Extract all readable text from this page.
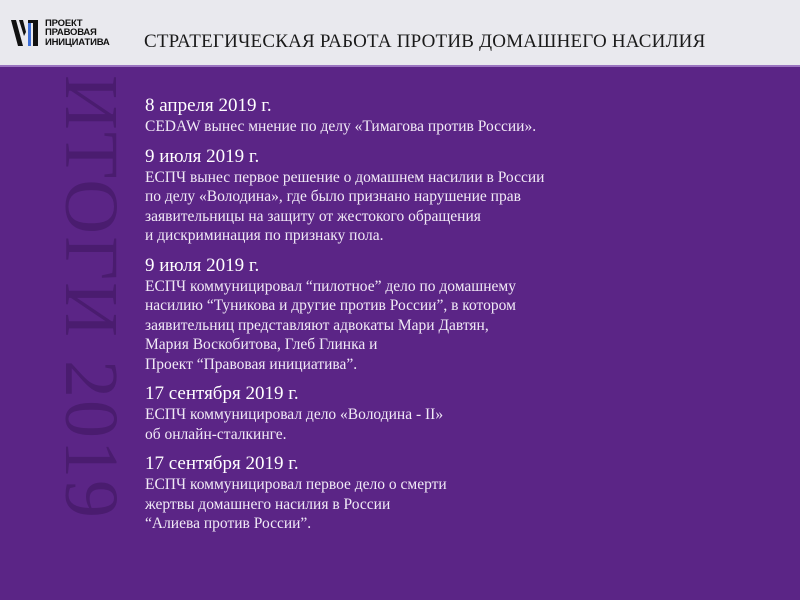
ПРОЕКТ
ПРАВОВАЯ
ИНИЦИАТИВА СТРАТЕГИЧЕСКАЯ РАБОТА ПРОТИВ ДОМАШНЕГО НАСИЛИЯ
ИТОГИ 2019 8 апреля 2019 г.
CEDAW вынес мнение по делу «Тимагова против России».
9 июля 2019 г.
ЕСПЧ вынес первое решение о домашнем насилии в России
по делу «Володина», где было признано нарушение прав
заявительницы на защиту от жестокого обращения
и дискриминация по признаку пола.
9 июля 2019 г.
ЕСПЧ коммуницировал “пилотное” дело по домашнему
насилию “Туникова и другие против России”, в котором
заявительниц представляют адвокаты Мари Давтян,
Мария Воскобитова, Глеб Глинка и
Проект “Правовая инициатива”.
17 сентября 2019 г.
ЕСПЧ коммуницировал дело «Володина - II»
об онлайн-сталкинге.
17 сентября 2019 г.
ЕСПЧ коммуницировал первое дело о смерти
жертвы домашнего насилия в России
“Алиева против России”.
